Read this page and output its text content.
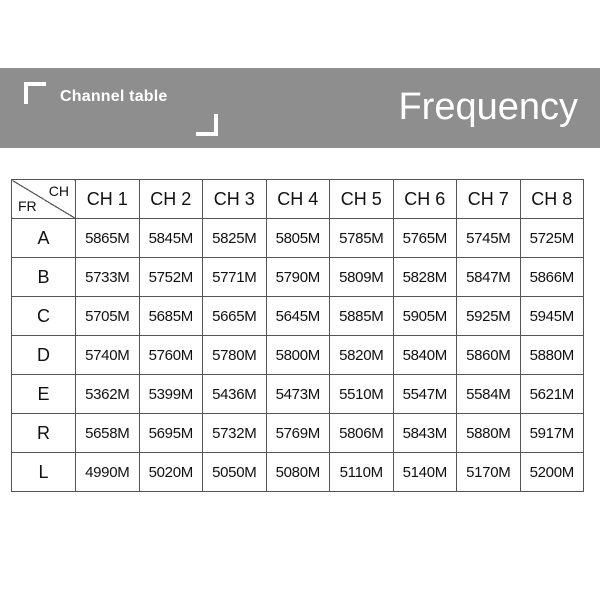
Channel table	Frequency
CH
FR	CH 1	CH 2	CH 3	CH 4	CH 5	CH 6	CH 7	CH 8
A	5865M	5845M	5825M	5805M	5785M	5765M	5745M	5725M
B	5733M	5752M	5771M	5790M	5809M	5828M	5847M	5866M
C	5705M	5685M	5665M	5645M	5885M	5905M	5925M	5945M
D	5740M	5760M	5780M	5800M	5820M	5840M	5860M	5880M
E	5362M	5399M	5436M	5473M	5510M	5547M	5584M	5621M
R	5658M	5695M	5732M	5769M	5806M	5843M	5880M	5917M
L	4990M	5020M	5050M	5080M	5110M	5140M	5170M	5200M
